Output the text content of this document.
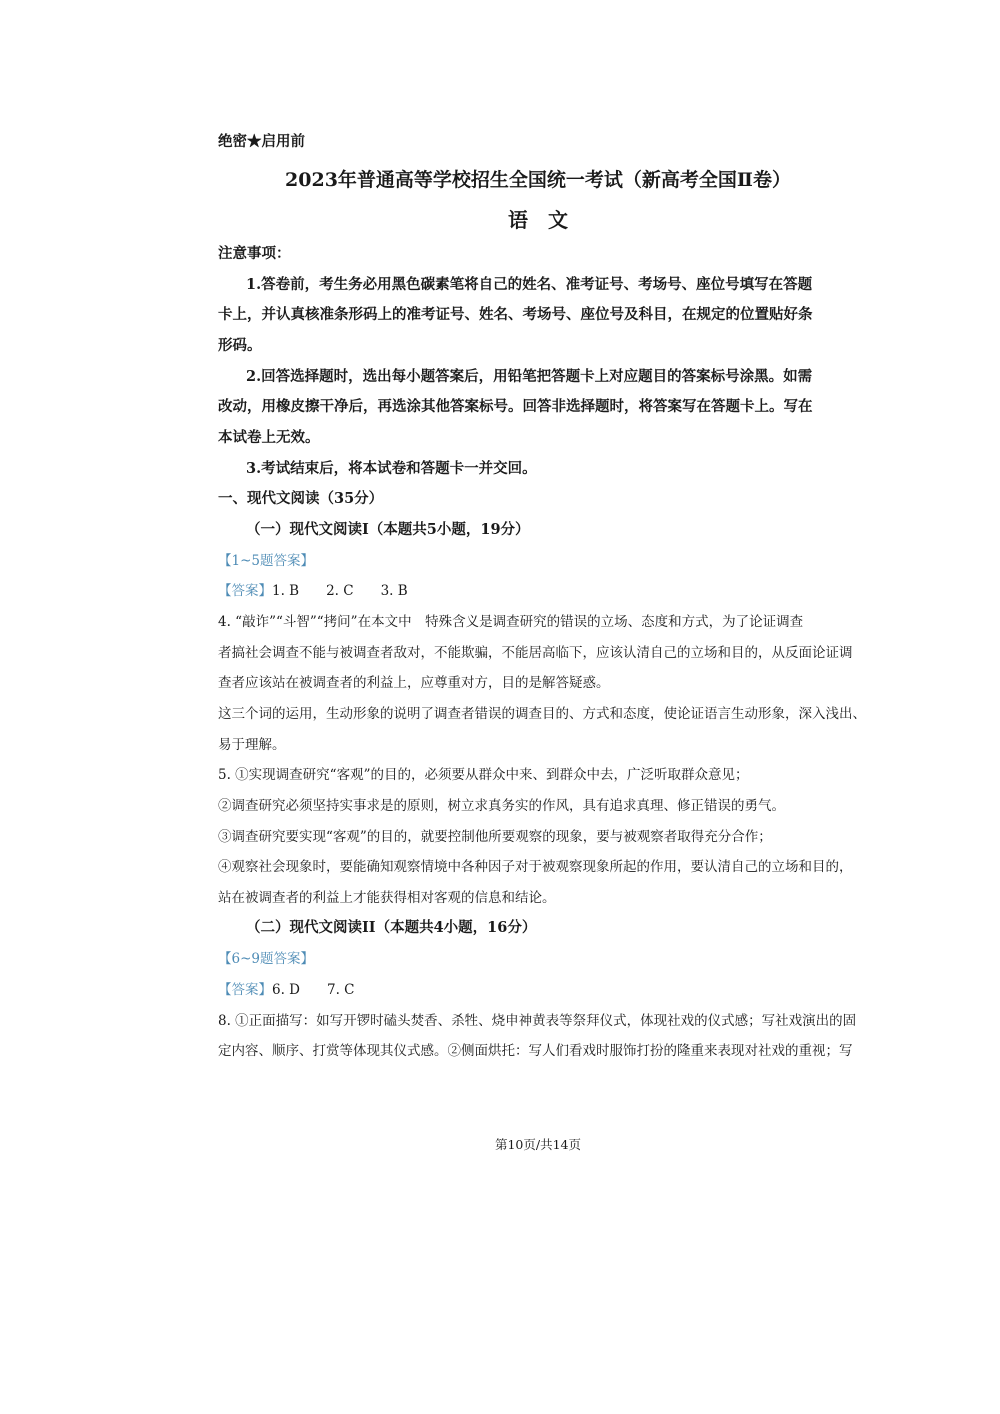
绝密★启用前
2023年普通高等学校招生全国统一考试（新高考全国Ⅱ卷）
语　文
注意事项：
1.答卷前，考生务必用黑色碳素笔将自己的姓名、准考证号、考场号、座位号填写在答题
卡上，并认真核准条形码上的准考证号、姓名、考场号、座位号及科目，在规定的位置贴好条
形码。
2.回答选择题时，选出每小题答案后，用铅笔把答题卡上对应题目的答案标号涂黑。如需
改动，用橡皮擦干净后，再选涂其他答案标号。回答非选择题时，将答案写在答题卡上。写在
本试卷上无效。
3.考试结束后，将本试卷和答题卡一并交回。
一、现代文阅读（35分）
（一）现代文阅读Ⅰ（本题共5小题，19分）
【1~5题答案】
【答案】1. B　　2. C　　3. B
4. “敲诈”“斗智”“拷问”在本文中　特殊含义是调查研究的错误的立场、态度和方式，为了论证调查
者搞社会调查不能与被调查者敌对，不能欺骗，不能居高临下，应该认清自己的立场和目的，从反面论证调
查者应该站在被调查者的利益上，应尊重对方，目的是解答疑惑。
这三个词的运用，生动形象的说明了调查者错误的调查目的、方式和态度，使论证语言生动形象，深入浅出、
易于理解。
5. ①实现调查研究“客观”的目的，必须要从群众中来、到群众中去，广泛听取群众意见；
②调查研究必须坚持实事求是的原则，树立求真务实的作风，具有追求真理、修正错误的勇气。
③调查研究要实现“客观”的目的，就要控制他所要观察的现象，要与被观察者取得充分合作；
④观察社会现象时，要能确知观察情境中各种因子对于被观察现象所起的作用，要认清自己的立场和目的，
站在被调查者的利益上才能获得相对客观的信息和结论。
（二）现代文阅读II（本题共4小题，16分）
【6~9题答案】
【答案】6. D　　7. C
8. ①正面描写：如写开锣时磕头焚香、杀牲、烧申神黄表等祭拜仪式，体现社戏的仪式感；写社戏演出的固
定内容、顺序、打赏等体现其仪式感。②侧面烘托：写人们看戏时服饰打扮的隆重来表现对社戏的重视；写
第10页/共14页
